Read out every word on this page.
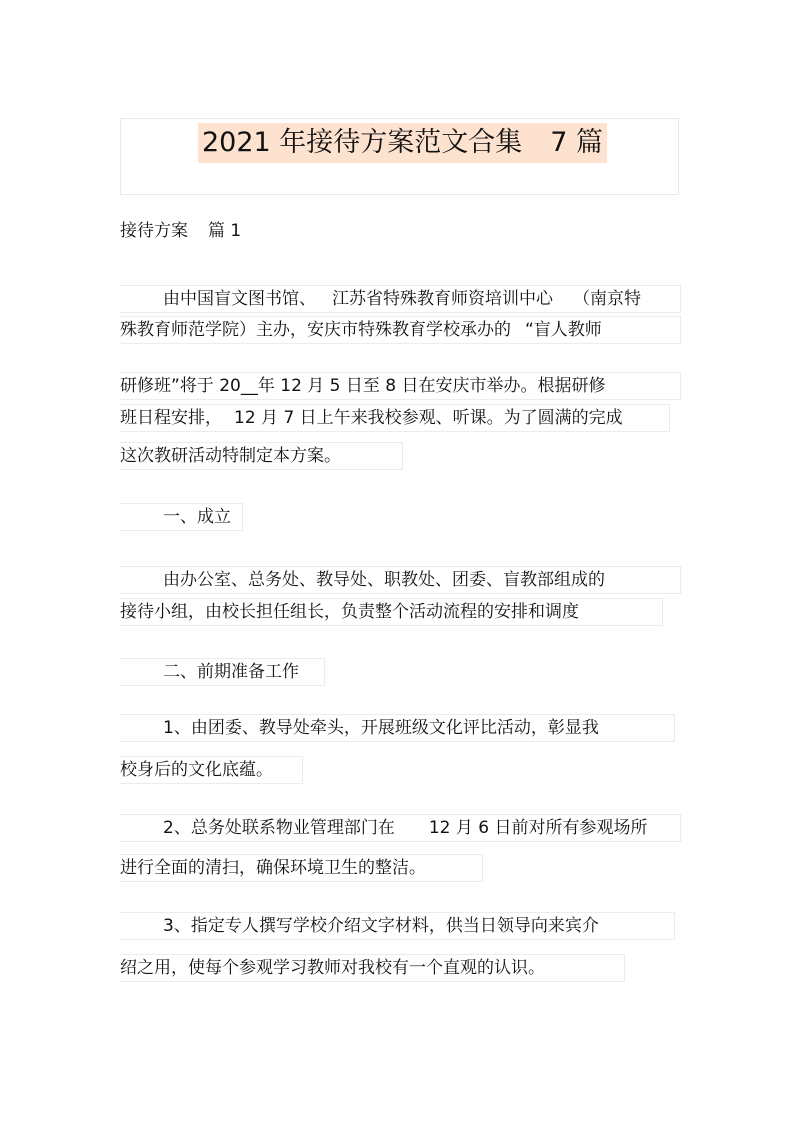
2021 年接待方案范文合集 7 篇
接待方案 篇 1
由中国盲文图书馆、 江苏省特殊教育师资培训中心 （南京特
殊教育师范学院）主办，安庆市特殊教育学校承办的 “盲人教师
研修班”将于 20__年 12 月 5 日至 8 日在安庆市举办。根据研修
班日程安排， 12 月 7 日上午来我校参观、听课。为了圆满的完成
这次教研活动特制定本方案。
一、成立
由办公室、总务处、教导处、职教处、团委、盲教部组成的
接待小组，由校长担任组长，负责整个活动流程的安排和调度
二、前期准备工作
1、由团委、教导处牵头，开展班级文化评比活动，彰显我
校身后的文化底蕴。
2、总务处联系物业管理部门在 12 月 6 日前对所有参观场所
进行全面的清扫，确保环境卫生的整洁。
3、指定专人撰写学校介绍文字材料，供当日领导向来宾介
绍之用，使每个参观学习教师对我校有一个直观的认识。
